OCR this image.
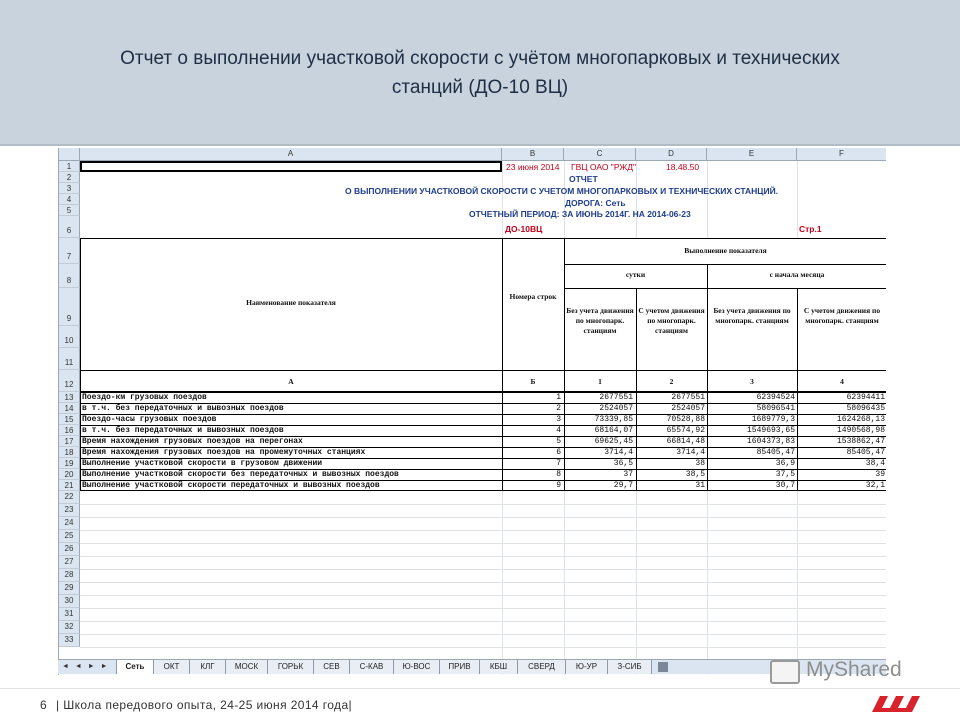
Отчет о выполнении участковой скорости с учётом многопарковых и технических
станций (ДО-10 ВЦ)
A	B	C	D	E	F
1
2
3
4
5
6
7
8
9
10
11
12
13
14
15
16
17
18
19
20
21
22
23
24
25
26
27
28
29
30
31
32
33
23 июня 2014 ГВЦ ОАО "РЖД"	18.48.50
ОТЧЕТ
О ВЫПОЛНЕНИИ УЧАСТКОВОЙ СКОРОСТИ С УЧЕТОМ МНОГОПАРКОВЫХ И ТЕХНИЧЕСКИХ СТАНЦИЙ.
ДОРОГА: Сеть
ОТЧЕТНЫЙ ПЕРИОД: ЗА ИЮНЬ 2014Г. НА 2014-06-23
ДО-10ВЦ	Стр.1
Наименование показателя
Номера строк
Выполнение показателя
сутки	с начала месяца
Без учета движения по многопарк. станциям
С учетом движения по многопарк. станциям
Без учета движения по многопарк. станциям
С учетом движения по многопарк. станциям
А	Б	1	2	3	4
Поездо-км грузовых поездов	1	2677551	2677551	62394524	62394411
в т.ч. без передаточных и вывозных поездов	2	2524057	2524057	58096541	58096435
Поездо-часы грузовых поездов	3	73339,85	70528,88	1689779,3	1624268,13
в т.ч. без передаточных и вывозных поездов	4	68164,07	65574,92	1549693,65	1490568,98
Время нахождения грузовых поездов на перегонах	5	69625,45	66814,48	1604373,83	1538862,47
Время нахождения грузовых поездов на промежуточных станциях	6	3714,4	3714,4	85405,47	85405,47
Выполнение участковой скорости в грузовом движении	7	36,5	38	36,9	38,4
Выполнение участковой скорости без передаточных и вывозных поездов	8	37	38,5	37,5	39
Выполнение участковой скорости передаточных и вывозных поездов	9	29,7	31	30,7	32,1
◄ ◄ ► ►	Сеть	ОКТ	КЛГ	МОСК	ГОРЬК	СЕВ	С-КАВ	Ю-ВОС	ПРИВ	КБШ	СВЕРД	Ю-УР	З-СИБ	MyShared
6 | Школа передового опыта, 24-25 июня 2014 года|
